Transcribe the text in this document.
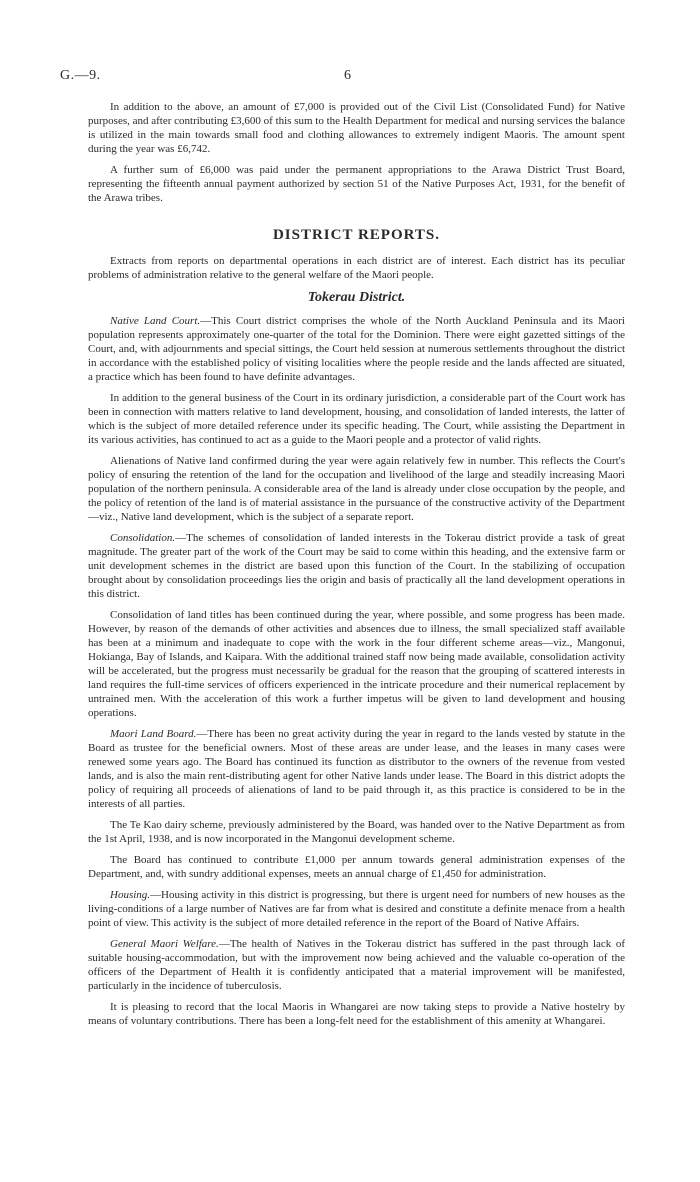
G.—9.	6

In addition to the above, an amount of £7,000 is provided out of the Civil List (Consolidated Fund) for Native purposes, and after contributing £3,600 of this sum to the Health Department for medical and nursing services the balance is utilized in the main towards small food and clothing allowances to extremely indigent Maoris. The amount spent during the year was £6,742.

A further sum of £6,000 was paid under the permanent appropriations to the Arawa District Trust Board, representing the fifteenth annual payment authorized by section 51 of the Native Purposes Act, 1931, for the benefit of the Arawa tribes.

DISTRICT REPORTS.

Extracts from reports on departmental operations in each district are of interest. Each district has its peculiar problems of administration relative to the general welfare of the Maori people.

Tokerau District.

Native Land Court.—This Court district comprises the whole of the North Auckland Peninsula and its Maori population represents approximately one-quarter of the total for the Dominion. There were eight gazetted sittings of the Court, and, with adjournments and special sittings, the Court held session at numerous settlements throughout the district in accordance with the established policy of visiting localities where the people reside and the lands affected are situated, a practice which has been found to have definite advantages.

In addition to the general business of the Court in its ordinary jurisdiction, a considerable part of the Court work has been in connection with matters relative to land development, housing, and consolidation of landed interests, the latter of which is the subject of more detailed reference under its specific heading. The Court, while assisting the Department in its various activities, has continued to act as a guide to the Maori people and a protector of valid rights.

Alienations of Native land confirmed during the year were again relatively few in number. This reflects the Court's policy of ensuring the retention of the land for the occupation and livelihood of the large and steadily increasing Maori population of the northern peninsula. A considerable area of the land is already under close occupation by the people, and the policy of retention of the land is of material assistance in the pursuance of the constructive activity of the Department—viz., Native land development, which is the subject of a separate report.

Consolidation.—The schemes of consolidation of landed interests in the Tokerau district provide a task of great magnitude. The greater part of the work of the Court may be said to come within this heading, and the extensive farm or unit development schemes in the district are based upon this function of the Court. In the stabilizing of occupation brought about by consolidation proceedings lies the origin and basis of practically all the land development operations in this district.

Consolidation of land titles has been continued during the year, where possible, and some progress has been made. However, by reason of the demands of other activities and absences due to illness, the small specialized staff available has been at a minimum and inadequate to cope with the work in the four different scheme areas—viz., Mangonui, Hokianga, Bay of Islands, and Kaipara. With the additional trained staff now being made available, consolidation activity will be accelerated, but the progress must necessarily be gradual for the reason that the grouping of scattered interests in land requires the full-time services of officers experienced in the intricate procedure and their numerical replacement by untrained men. With the acceleration of this work a further impetus will be given to land development and housing operations.

Maori Land Board.—There has been no great activity during the year in regard to the lands vested by statute in the Board as trustee for the beneficial owners. Most of these areas are under lease, and the leases in many cases were renewed some years ago. The Board has continued its function as distributor to the owners of the revenue from vested lands, and is also the main rent-distributing agent for other Native lands under lease. The Board in this district adopts the policy of requiring all proceeds of alienations of land to be paid through it, as this practice is considered to be in the interests of all parties.

The Te Kao dairy scheme, previously administered by the Board, was handed over to the Native Department as from the 1st April, 1938, and is now incorporated in the Mangonui development scheme.

The Board has continued to contribute £1,000 per annum towards general administration expenses of the Department, and, with sundry additional expenses, meets an annual charge of £1,450 for administration.

Housing.—Housing activity in this district is progressing, but there is urgent need for numbers of new houses as the living-conditions of a large number of Natives are far from what is desired and constitute a definite menace from a health point of view. This activity is the subject of more detailed reference in the report of the Board of Native Affairs.

General Maori Welfare.—The health of Natives in the Tokerau district has suffered in the past through lack of suitable housing-accommodation, but with the improvement now being achieved and the valuable co-operation of the officers of the Department of Health it is confidently anticipated that a material improvement will be manifested, particularly in the incidence of tuberculosis.

It is pleasing to record that the local Maoris in Whangarei are now taking steps to provide a Native hostelry by means of voluntary contributions. There has been a long-felt need for the establishment of this amenity at Whangarei.
